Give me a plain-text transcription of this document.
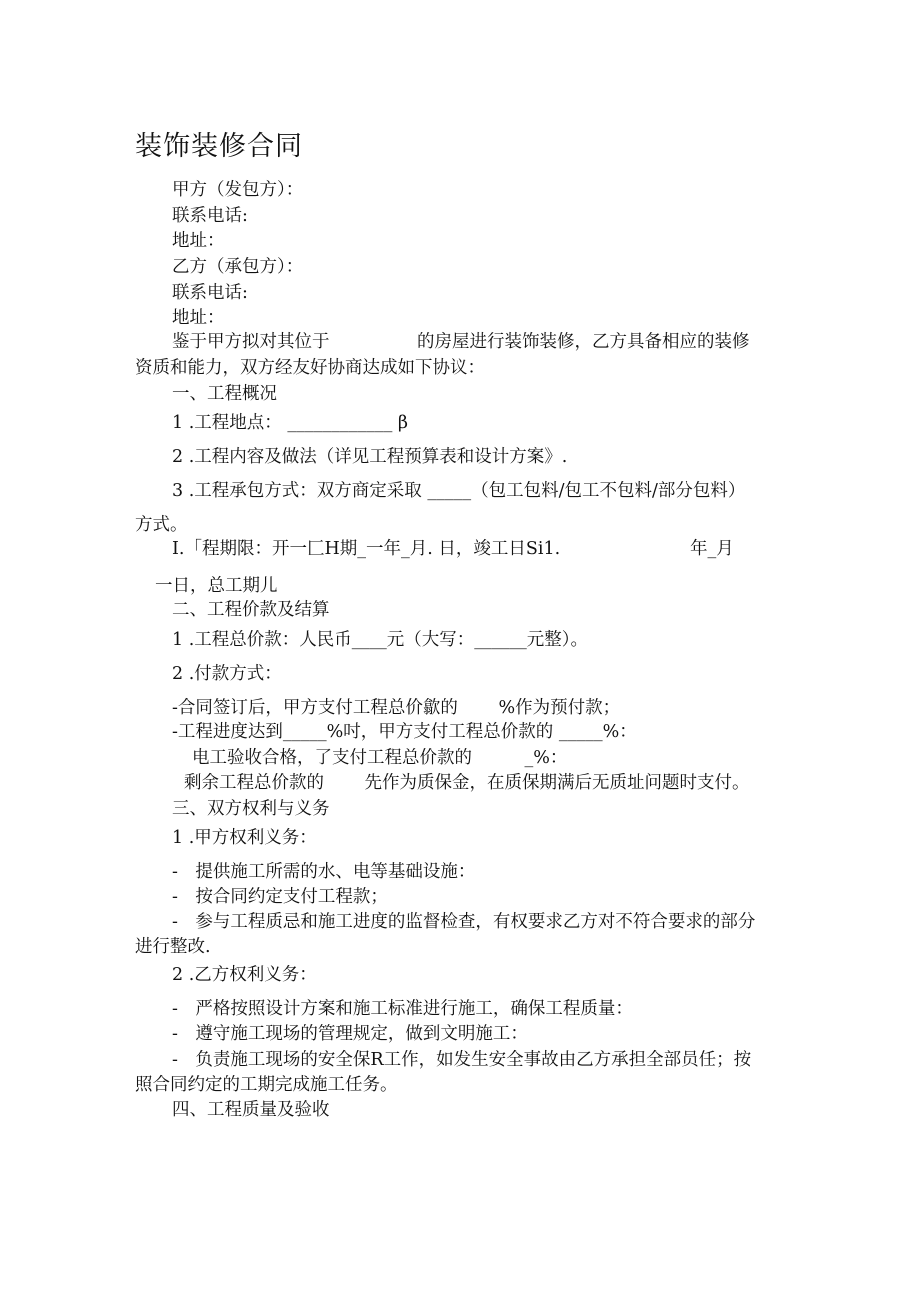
装饰装修合同
甲方（发包方）：
联系电话:
地址：
乙方（承包方）：
联系电话:
地址：
鉴于甲方拟对其位于　　　　　的房屋进行装饰装修，乙方具备相应的装修
资质和能力，双方经友好协商达成如下协议：
一、工程概况
1 .工程地点： ____________ β
2 .工程内容及做法（详见工程预算表和设计方案》.
3 .工程承包方式：双方商定采取 _____（包工包料/包工不包料/部分包料）
方式。
I.「程期限：开一匚H期_一年_月. 日，竣工日Si1.	年_月
一日，总工期儿
二、工程价款及结算
1 .工程总价款：人民币____元（大写：______元整）。
2 .付款方式：
-合同签订后，甲方支付工程总价歙的　　 %作为预付款；
-工程进度达到_____%吋，甲方支付工程总价款的 _____%：
电工验收合格，了支付工程总价款的　　　_%：
剩余工程总价款的　　 先作为质保金，在质保期满后无质址问题时支付。
三、双方权利与义务
1 .甲方权利义务：
-　提供施工所需的水、电等基础设施：
-　按合同约定支付工程款；
-　参与工程质忌和施工进度的监督检查，有权要求乙方对不符合要求的部分
进行整改.
2 .乙方权利义务：
-　严格按照设计方案和施工标准进行施工，确保工程质量：
-　遵守施工现场的管理规定，做到文明施工：
-　负责施工现场的安全保R工作，如发生安全事故由乙方承担全部员任；按
照合同约定的工期完成施工任务。
四、工程质量及验收
